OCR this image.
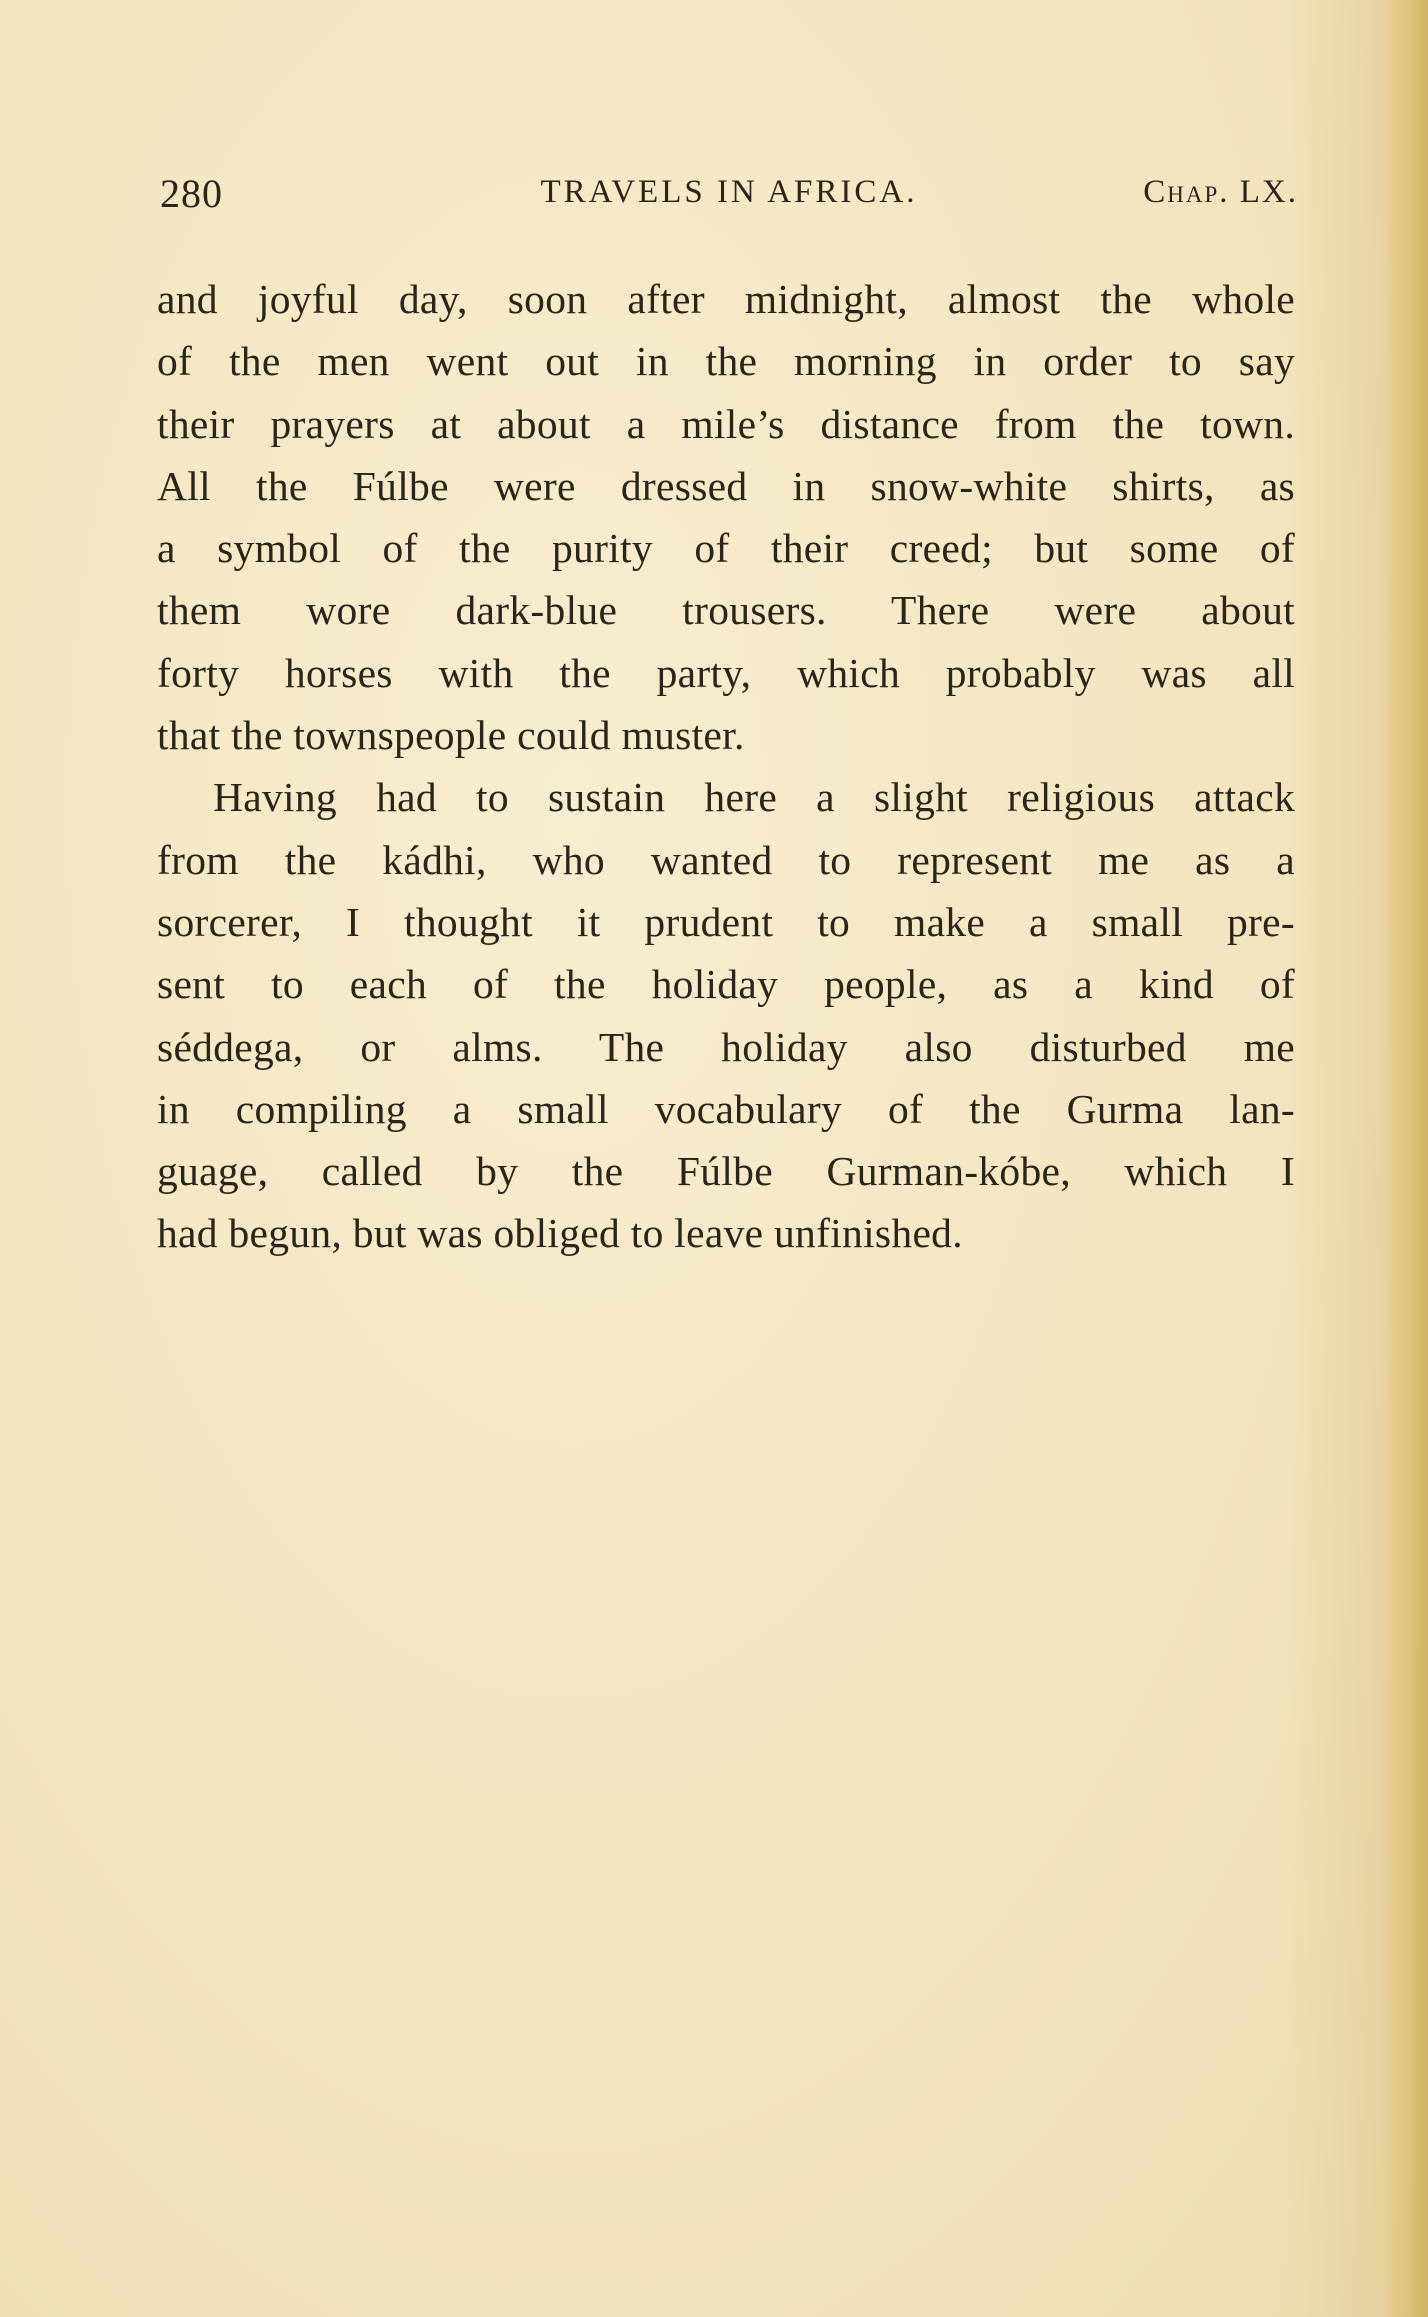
280	TRAVELS IN AFRICA.	Chap. LX.
and joyful day, soon after midnight, almost the whole
of the men went out in the morning in order to say
their prayers at about a mile’s distance from the town.
All the Fúlbe were dressed in snow-white shirts, as
a symbol of the purity of their creed; but some of
them wore dark-blue trousers. There were about
forty horses with the party, which probably was all
that the townspeople could muster.
Having had to sustain here a slight religious attack
from the kádhi, who wanted to represent me as a
sorcerer, I thought it prudent to make a small pre-
sent to each of the holiday people, as a kind of
séddega, or alms. The holiday also disturbed me
in compiling a small vocabulary of the Gurma lan-
guage, called by the Fúlbe Gurman-kóbe, which I
had begun, but was obliged to leave unfinished.
